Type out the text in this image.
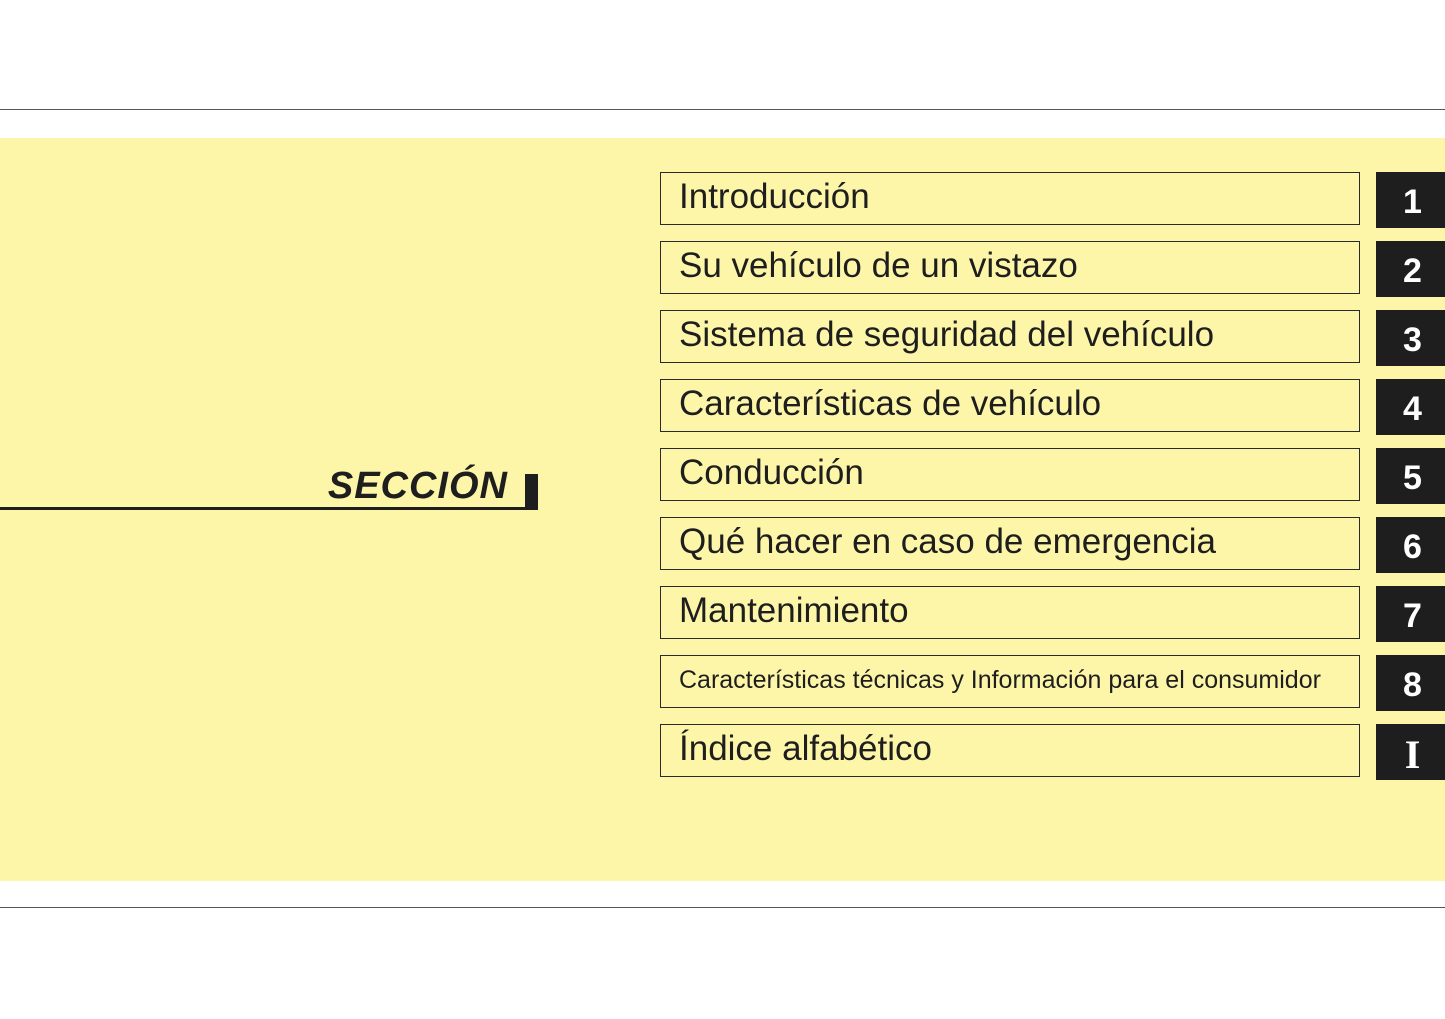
SECCIÓN
Introducción	1
Su vehículo de un vistazo	2
Sistema de seguridad del vehículo	3
Características de vehículo	4
Conducción	5
Qué hacer en caso de emergencia	6
Mantenimiento	7
Características técnicas y Información para el consumidor	8
Índice alfabético	I
